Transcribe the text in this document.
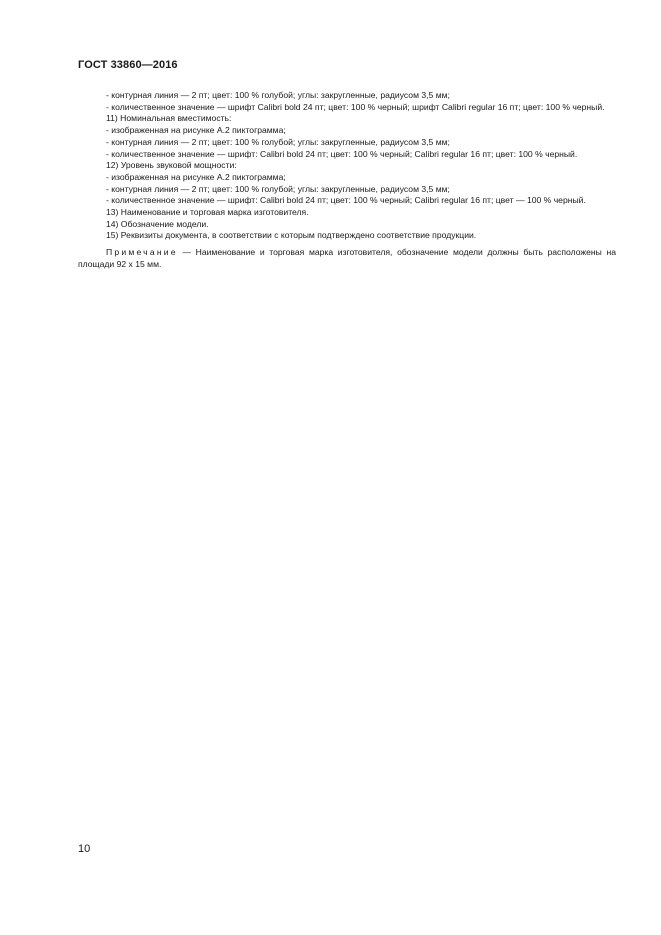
ГОСТ 33860—2016

- контурная линия — 2 пт; цвет: 100 % голубой; углы: закругленные, радиусом 3,5 мм;

- количественное значение — шрифт Calibri bold 24 пт; цвет: 100 % черный; шрифт Calibri regular 16 пт; цвет: 100 % черный.

11) Номинальная вместимость:

- изображенная на рисунке А.2 пиктограмма;

- контурная линия — 2 пт; цвет: 100 % голубой; углы: закругленные, радиусом 3,5 мм;

- количественное значение — шрифт: Calibri bold 24 пт; цвет: 100 % черный; Calibri regular 16 пт; цвет: 100 % черный.

12) Уровень звуковой мощности:

- изображенная на рисунке А.2 пиктограмма;

- контурная линия — 2 пт; цвет: 100 % голубой; углы: закругленные, радиусом 3,5 мм;

- количественное значение — шрифт: Calibri bold 24 пт; цвет: 100 % черный; Calibri regular 16 пт; цвет — 100 % черный.

13) Наименование и торговая марка изготовителя.

14) Обозначение модели.

15) Реквизиты документа, в соответствии с которым подтверждено соответствие продукции.

Примечание — Наименование и торговая марка изготовителя, обозначение модели должны быть расположены на площади 92 x 15 мм.

10
